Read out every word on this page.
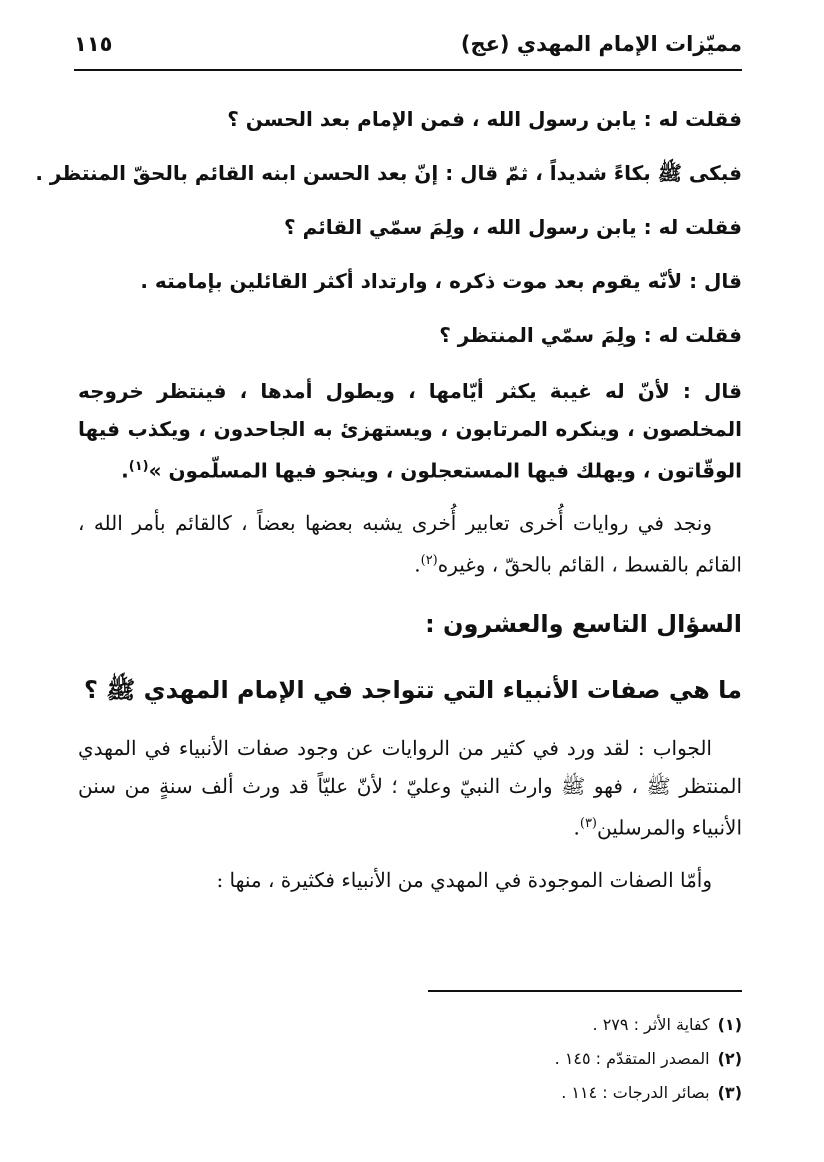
مميّزات الإمام المهدي (عج)
١١٥
فقلت له : يابن رسول الله ، فمن الإمام بعد الحسن ؟
فبكى ﷺ بكاءً شديداً ، ثمّ قال : إنّ بعد الحسن ابنه القائم بالحقّ المنتظر .
فقلت له : يابن رسول الله ، ولِمَ سمّي القائم ؟
قال : لأنّه يقوم بعد موت ذكره ، وارتداد أكثر القائلين بإمامته .
فقلت له : ولِمَ سمّي المنتظر ؟
قال : لأنّ له غيبة يكثر أيّامها ، ويطول أمدها ، فينتظر خروجه المخلصون ، وينكره المرتابون ، ويستهزئ به الجاحدون ، ويكذب فيها الوقّاتون ، ويهلك فيها المستعجلون ، وينجو فيها المسلّمون »$^{(١)}$.
ونجد في روايات أُخرى تعابير أُخرى يشبه بعضها بعضاً ، كالقائم بأمر الله ، القائم بالقسط ، القائم بالحقّ ، وغيره$^{(٢)}$.
السؤال التاسع والعشرون :
ما هي صفات الأنبياء التي تتواجد في الإمام المهدي ﷺ ؟
الجواب : لقد ورد في كثير من الروايات عن وجود صفات الأنبياء في المهدي المنتظر ﷺ ، فهو ﷺ وارث النبيّ وعليّ ؛ لأنّ عليّاً قد ورث ألف سنةٍ من سنن الأنبياء والمرسلين$^{(٣)}$.
وأمّا الصفات الموجودة في المهدي من الأنبياء فكثيرة ، منها :
(١)كفاية الأثر : ٢٧٩ .
(٢)المصدر المتقدّم : ١٤٥ .
(٣)بصائر الدرجات : ١١٤ .
